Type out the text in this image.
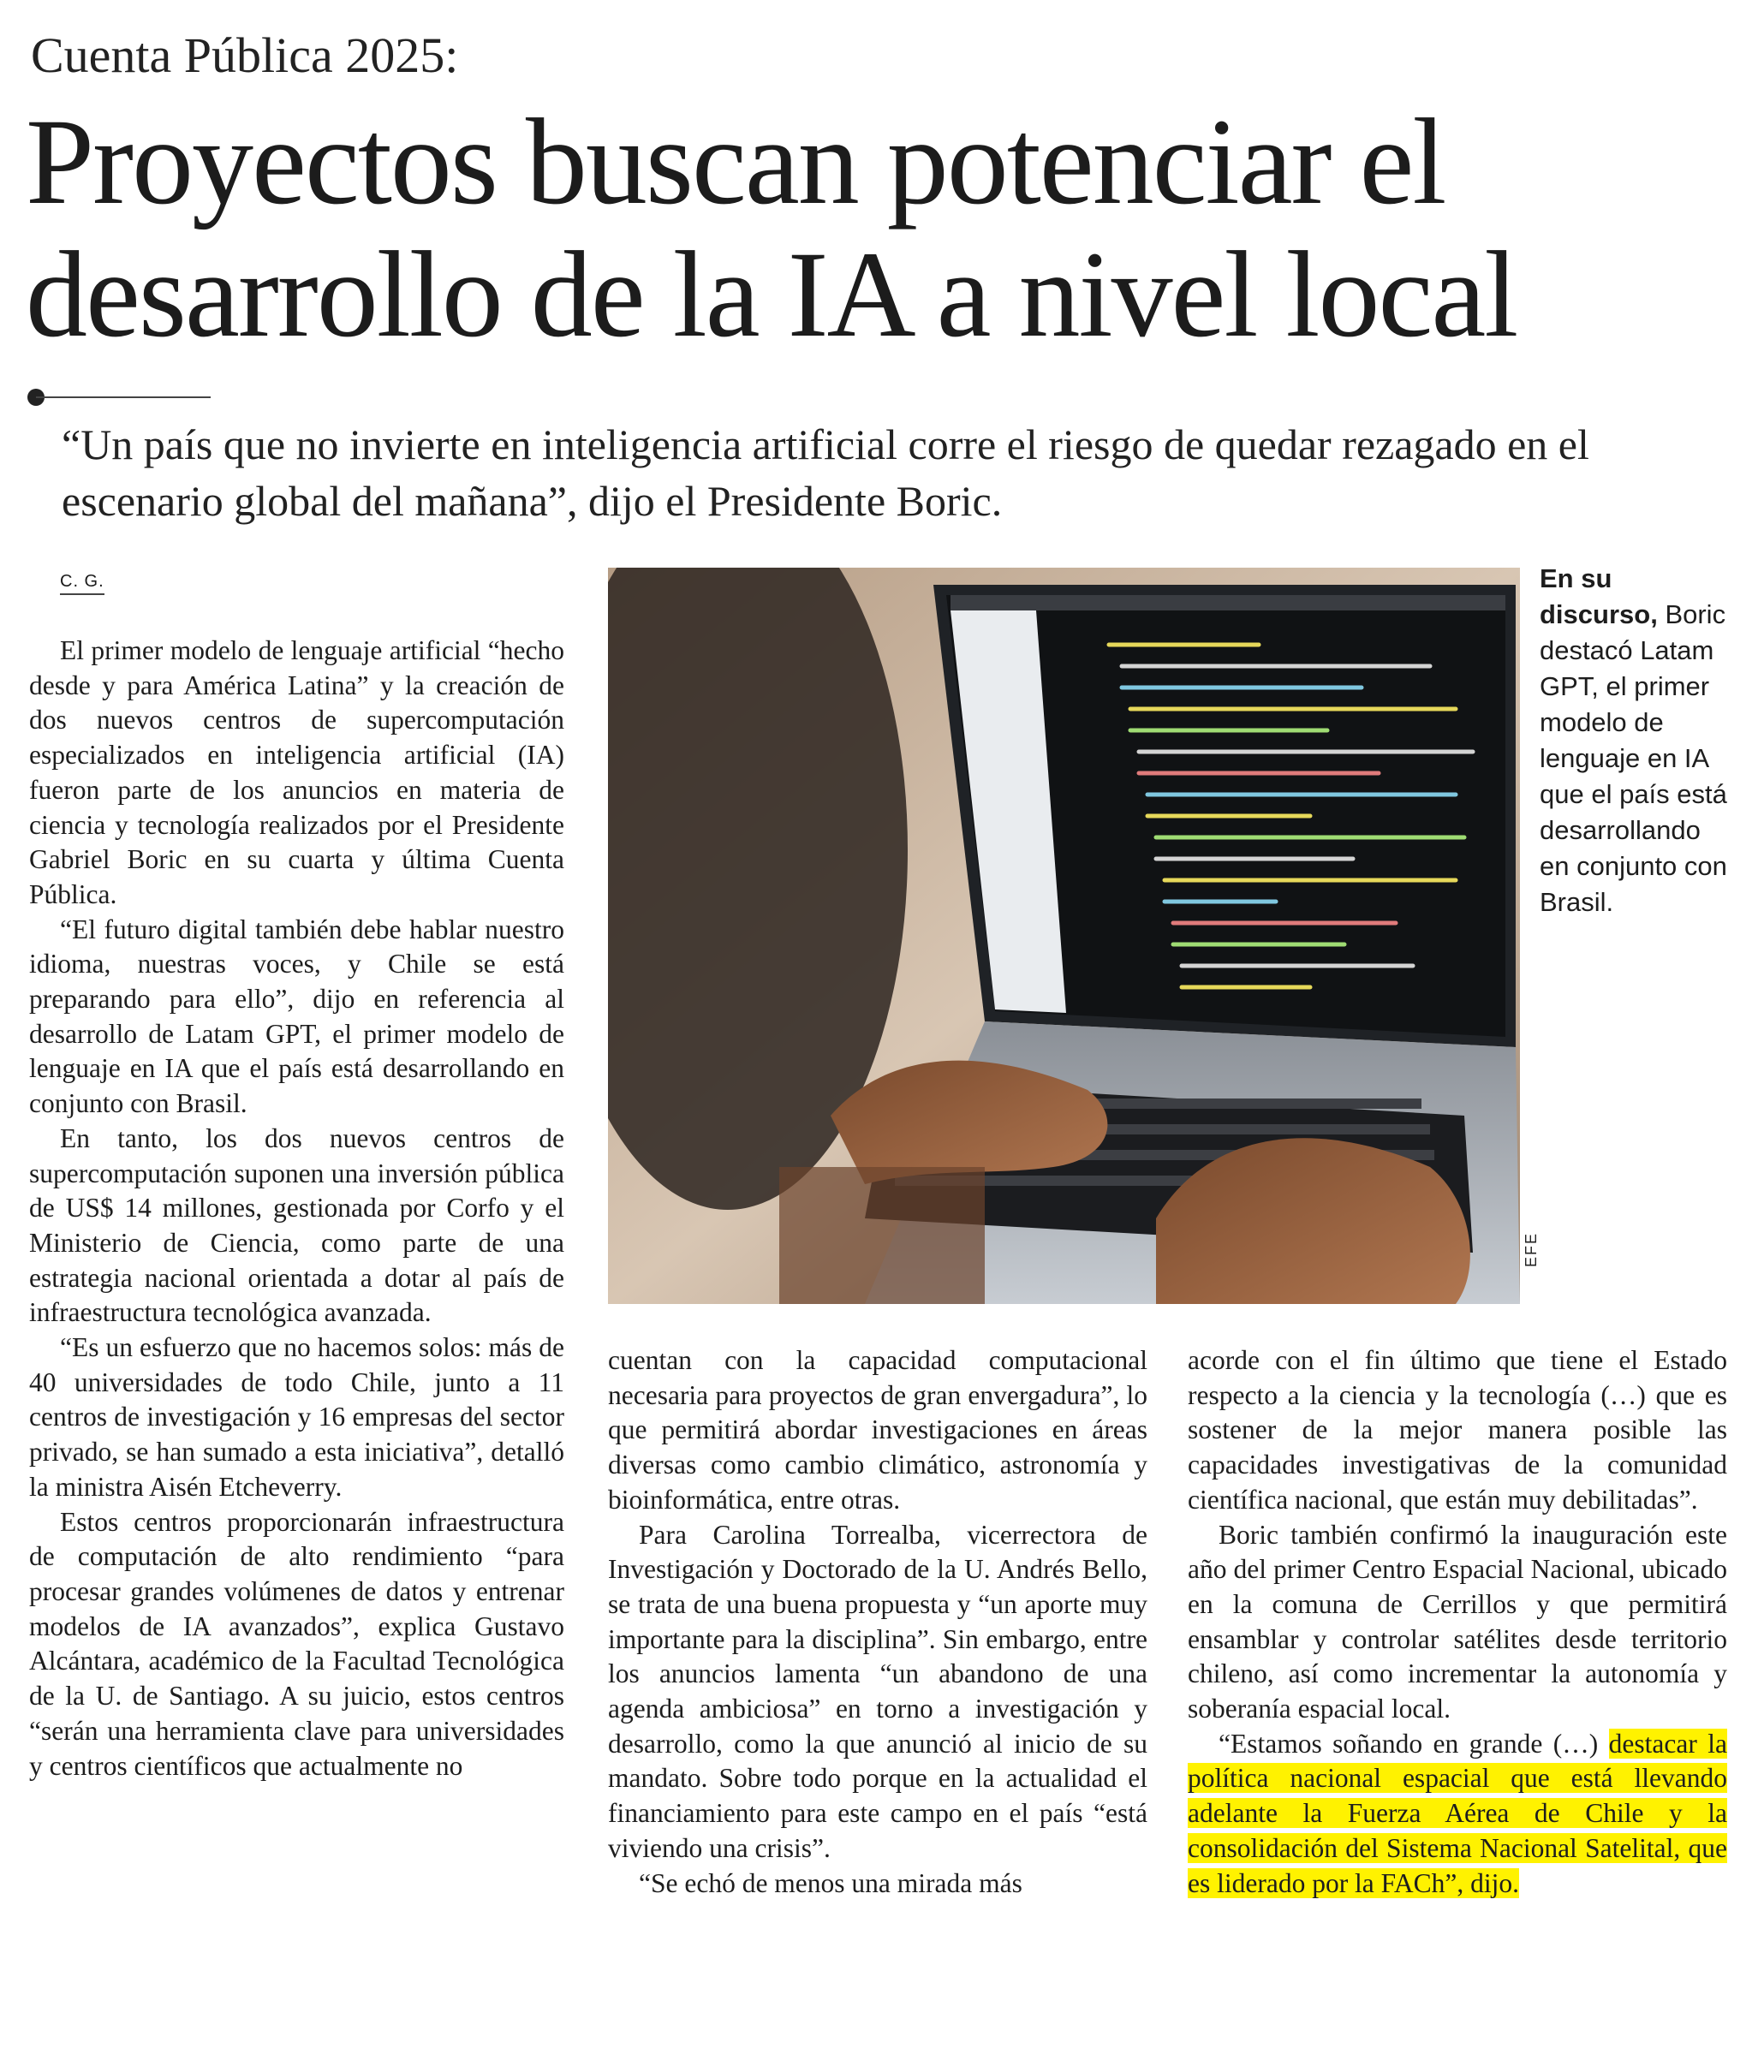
Cuenta Pública 2025:
Proyectos buscan potenciar el desarrollo de la IA a nivel local

“Un país que no invierte en inteligencia artificial corre el riesgo de quedar rezagado en el escenario global del mañana”, dijo el Presidente Boric.

C. G.

El primer modelo de lenguaje artificial “hecho desde y para América Latina” y la creación de dos nuevos centros de supercomputación especializados en inteligencia artificial (IA) fueron parte de los anuncios en materia de ciencia y tecnología realizados por el Presidente Gabriel Boric en su cuarta y última Cuenta Pública.

“El futuro digital también debe hablar nuestro idioma, nuestras voces, y Chile se está preparando para ello”, dijo en referencia al desarrollo de Latam GPT, el primer modelo de lenguaje en IA que el país está desarrollando en conjunto con Brasil.

En tanto, los dos nuevos centros de supercomputación suponen una inversión pública de US$ 14 millones, gestionada por Corfo y el Ministerio de Ciencia, como parte de una estrategia nacional orientada a dotar al país de infraestructura tecnológica avanzada.

“Es un esfuerzo que no hacemos solos: más de 40 universidades de todo Chile, junto a 11 centros de investigación y 16 empresas del sector privado, se han sumado a esta iniciativa”, detalló la ministra Aisén Etcheverry.

Estos centros proporcionarán infraestructura de computación de alto rendimiento “para procesar grandes volúmenes de datos y entrenar modelos de IA avanzados”, explica Gustavo Alcántara, académico de la Facultad Tecnológica de la U. de Santiago. A su juicio, estos centros “serán una herramienta clave para universidades y centros científicos que actualmente no

EFE

En su discurso, Boric destacó Latam GPT, el primer modelo de lenguaje en IA que el país está desarrollando en conjunto con Brasil.

cuentan con la capacidad computacional necesaria para proyectos de gran envergadura”, lo que permitirá abordar investigaciones en áreas diversas como cambio climático, astronomía y bioinformática, entre otras.

Para Carolina Torrealba, vicerrectora de Investigación y Doctorado de la U. Andrés Bello, se trata de una buena propuesta y “un aporte muy importante para la disciplina”. Sin embargo, entre los anuncios lamenta “un abandono de una agenda ambiciosa” en torno a investigación y desarrollo, como la que anunció al inicio de su mandato. Sobre todo porque en la actualidad el financiamiento para este campo en el país “está viviendo una crisis”.

“Se echó de menos una mirada más

acorde con el fin último que tiene el Estado respecto a la ciencia y la tecnología (…) que es sostener de la mejor manera posible las capacidades investigativas de la comunidad científica nacional, que están muy debilitadas”.

Boric también confirmó la inauguración este año del primer Centro Espacial Nacional, ubicado en la comuna de Cerrillos y que permitirá ensamblar y controlar satélites desde territorio chileno, así como incrementar la autonomía y soberanía espacial local.

“Estamos soñando en grande (…) destacar la política nacional espacial que está llevando adelante la Fuerza Aérea de Chile y la consolidación del Sistema Nacional Satelital, que es liderado por la FACh”, dijo.
